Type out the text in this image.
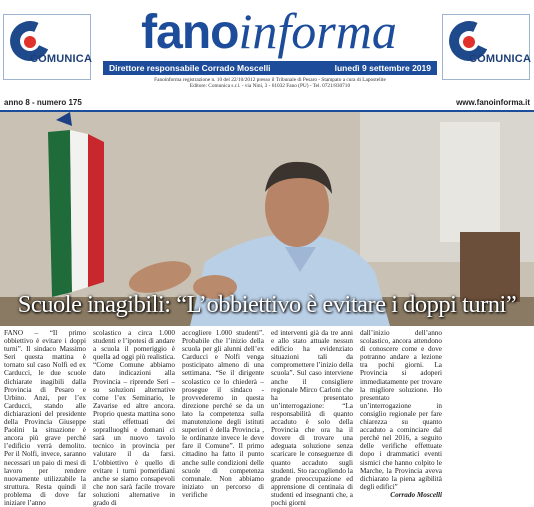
COMUNICA	COMUNICA
fanoinforma
Direttore responsabile Corrado Moscelli	lunedì 9 settembre 2019
Fanoinforma registrazione n. 10 del 22/10/2012 presso il Tribunale di Pesaro - Stampato a cura di Lapostelite
Editore: Comunica s.r.l. - via Nini, 3 - 61032 Fano (PU) - Tel. 0721/830710
anno 8 - numero 175	www.fanoinforma.it
Scuole inagibili: “L’obbiettivo è evitare i doppi turni”

FANO – “Il primo obbiettivo è evitare i doppi turni”. Il sindaco Massimo Seri questa mattina è tornato sul caso Nolfi ed ex Carducci, le due scuole dichiarate inagibili dalla Provincia di Pesaro e Urbino. Anzi, per l’ex Carducci, stando alle dichiarazioni del presidente della Provincia Giuseppe Paolini la situazione è ancora più grave perché l’edificio verrà demolito. Per il Nolfi, invece, saranno necessari un paio di mesi di lavoro per rendere nuovamente utilizzabile la struttura. Resta quindi il problema di dove far iniziare l’anno

scolastico a circa 1.000 studenti e l’ipotesi di andare a scuola il pomeriggio è quella ad oggi più realistica. “Come Comune abbiamo dato indicazioni alla Provincia – riprende Seri –su soluzioni alternative come l’ex Seminario, le Zavarise ed altre ancora. Proprio questa mattina sono stati effettuati dei sopralluoghi e domani ci sarà un nuovo tavolo tecnico in provincia per valutare il da farsi. L’obbiettivo è quello di evitare i turni pomeridiani anche se siamo consapevoli che non sarà facile trovare soluzioni alternative in grado di

accogliere 1.000 studenti”. Probabile che l’inizio della scuola per gli alunni dell’ex Carducci e Nolfi venga posticipato almeno di una settimana. “Se il dirigente scolastico ce lo chiederà –prosegue il sindaco - provvederemo in questa direzione perché se da un lato la competenza sulla manutenzione degli istituti superiori è della Provincia , le ordinanze invece le deve fare il Comune”. Il primo cittadino ha fatto il punto anche sulle condizioni delle scuole di competenza comunale. Non abbiamo iniziato un percorso di verifiche

ed interventi già da tre anni e allo stato attuale nessun edificio ha evidenziato situazioni tali da compromettere l’inizio della scuola”. Sul caso interviene anche il consigliere regionale Mirco Carloni che ha presentato un’interrogazione: “La responsabilità di quanto accaduto è solo della Provincia che ora ha il dovere di trovare una adeguata soluzione senza scaricare le conseguenze di quanto accaduto sugli studenti. Sto raccogliendo la grande preoccupazione ed apprensione di centinaia di studenti ed insegnanti che, a pochi giorni

dall’inizio dell’anno scolastico, ancora attendono di conoscere come e dove potranno andare a lezione tra pochi giorni. La Provincia si adoperi immediatamente per trovare la migliore soluzione. Ho presentato un’interrogazione in consiglio regionale per fare chiarezza su quanto accaduto a cominciare dal perché nel 2016, a seguito delle verifiche effettuate dopo i drammatici eventi sismici che hanno colpito le Marche, la Provincia aveva dichiarato la piena agibilità degli edifici”

Corrado Moscelli
